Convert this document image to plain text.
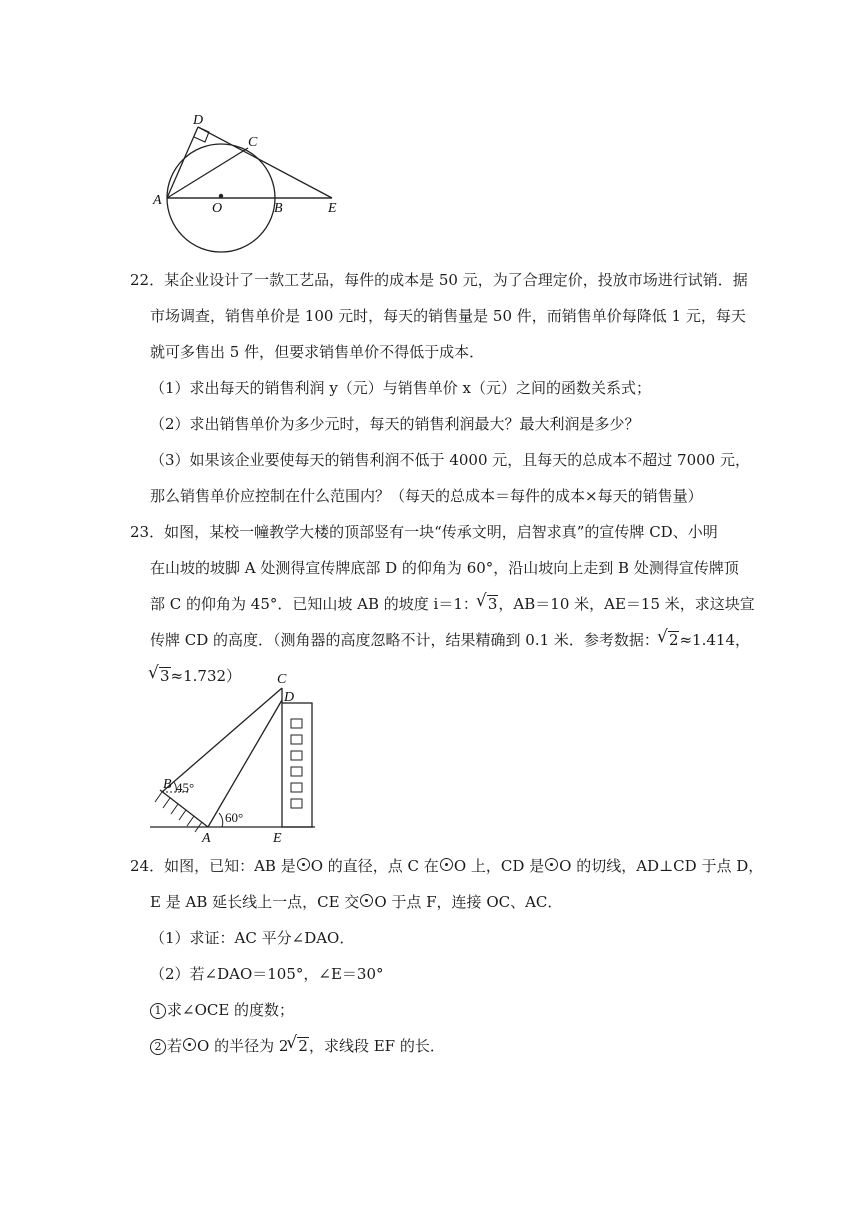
D
C
A
O	B	E
22．某企业设计了一款工艺品，每件的成本是 50 元，为了合理定价，投放市场进行试销．据
市场调查，销售单价是 100 元时，每天的销售量是 50 件，而销售单价每降低 1 元，每天
就可多售出 5 件，但要求销售单价不得低于成本．
（1）求出每天的销售利润 y（元）与销售单价 x（元）之间的函数关系式；
（2）求出销售单价为多少元时，每天的销售利润最大？最大利润是多少？
（3）如果该企业要使每天的销售利润不低于 4000 元，且每天的总成本不超过 7000 元，
那么销售单价应控制在什么范围内？（每天的总成本＝每件的成本×每天的销售量）
23．如图，某校一幢教学大楼的顶部竖有一块“传承文明，启智求真”的宣传牌 CD、小明
在山坡的坡脚 A 处测得宣传牌底部 D 的仰角为 60°，沿山坡向上走到 B 处测得宣传牌顶
部 C 的仰角为 45°．已知山坡 AB 的坡度 i＝1： √ 3，AB＝10 米，AE＝15 米，求这块宣
传牌 CD 的高度．（测角器的高度忽略不计，结果精确到 0.1 米．参考数据： √ 2≈1.414，
√ 3≈1.732）	C
D
B 45°
60°
A	E
24．如图，已知：AB 是 O 的直径，点 C 在 O 上，CD 是 O 的切线，AD⊥CD 于点 D，
E 是 AB 延长线上一点，CE 交 O 于点 F，连接 OC、AC．
（1）求证：AC 平分∠DAO．
（2）若∠DAO＝105°，∠E＝30°
1 求∠OCE 的度数；
2 若 O 的半径为 2 √ 2，求线段 EF 的长．
